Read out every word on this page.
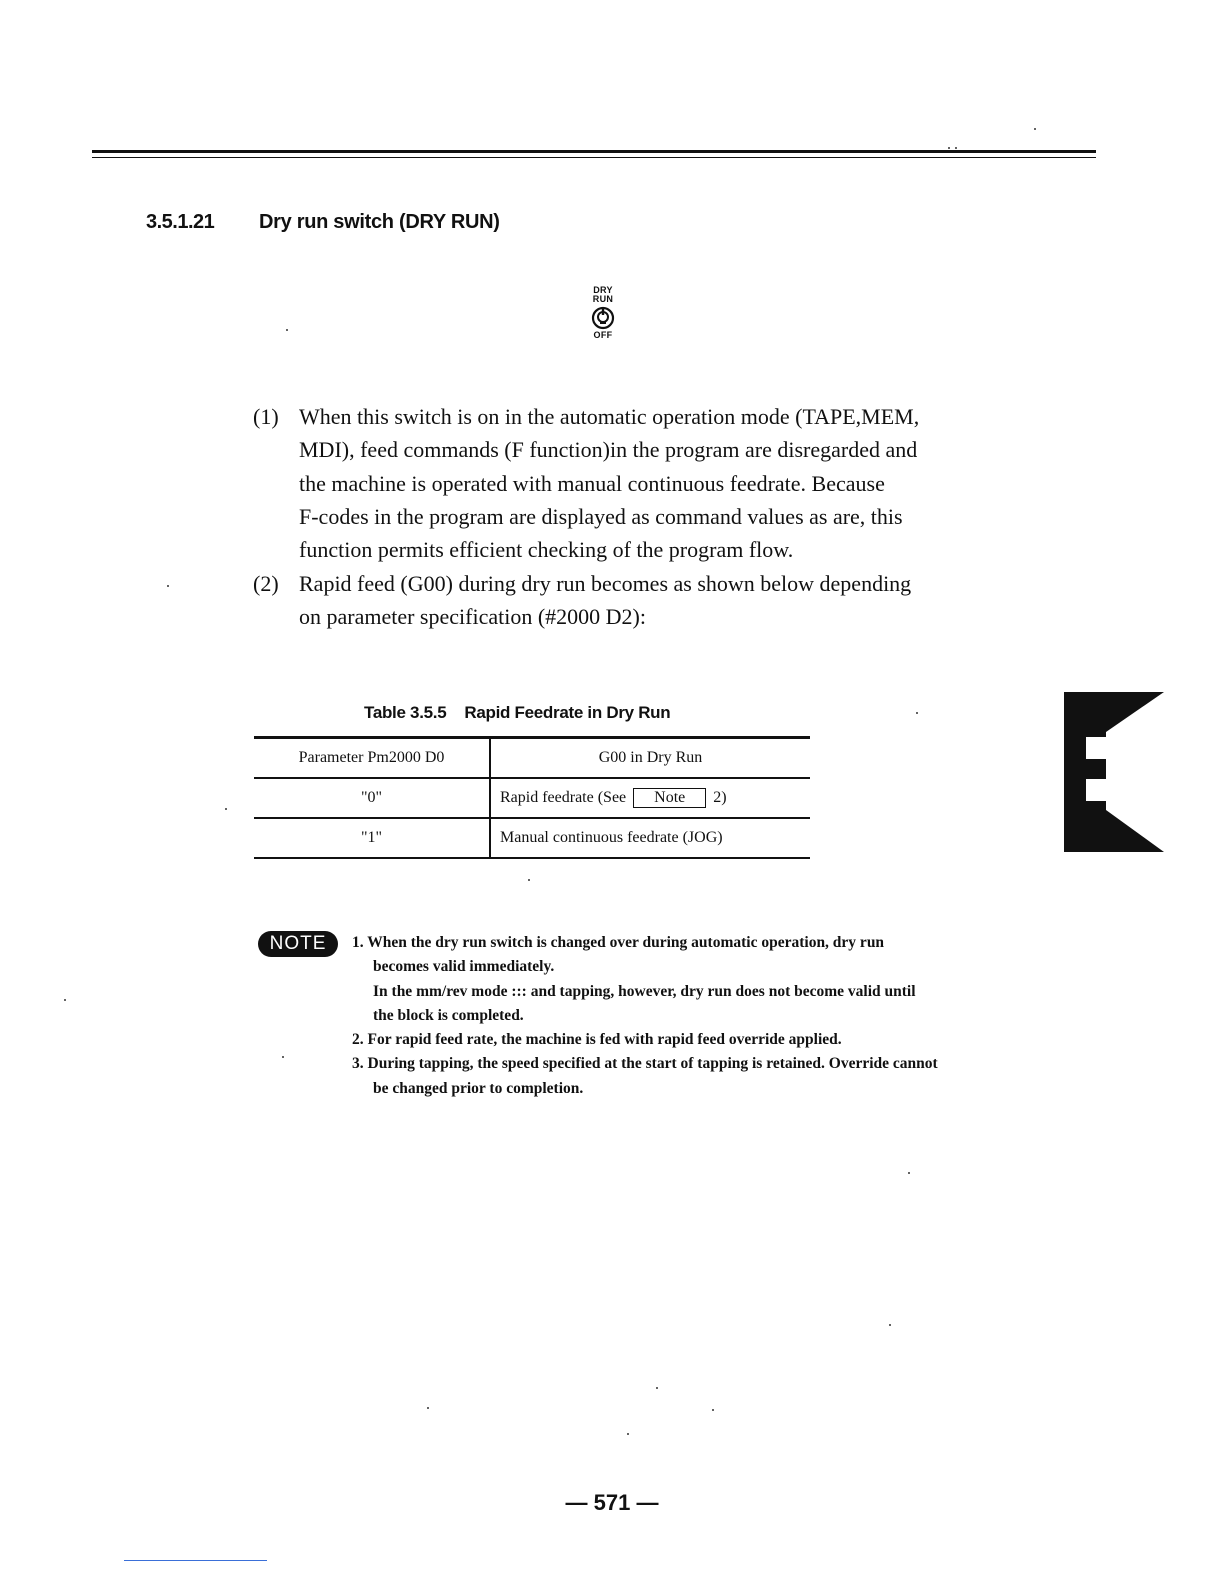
3.5.1.21 Dry run switch (DRY RUN)
DRY
RUN
OFF
(1) When this switch is on in the automatic operation mode (TAPE,MEM,
MDI), feed commands (F function)in the program are disregarded and
the machine is operated with manual continuous feedrate. Because
F-codes in the program are displayed as command values as are, this
function permits efficient checking of the program flow.
(2) Rapid feed (G00) during dry run becomes as shown below depending
on parameter specification (#2000 D2):
Table 3.5.5 Rapid Feedrate in Dry Run
Parameter Pm2000 D0	G00 in Dry Run
"0"	Rapid feedrate (See Note 2)
"1"	Manual continuous feedrate (JOG)
NOTE	1. When the dry run switch is changed over during automatic operation, dry run
becomes valid immediately.
In the mm/rev mode ::: and tapping, however, dry run does not become valid until
the block is completed.
2. For rapid feed rate, the machine is fed with rapid feed override applied.
3. During tapping, the speed specified at the start of tapping is retained. Override cannot
be changed prior to completion.
— 571 —
